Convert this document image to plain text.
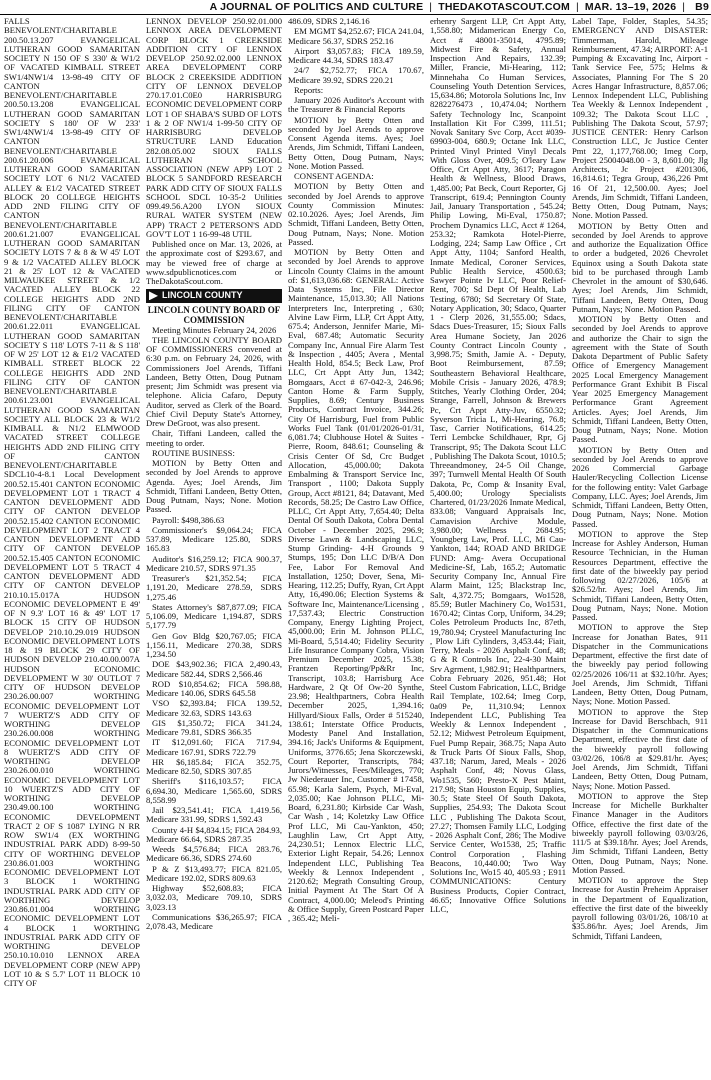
A JOURNAL OF POLITICS AND CULTURE | THEDAKOTASCOUT.COM | MAR. 13–19, 2026 | B9

FALLS BENEVOLENT/CHARITABLE 200.50.13.207 EVANGELICAL LUTHERAN GOOD SAMARITAN SOCIETY N 150 OF S 330' & W1/2 OF VACATED KIMBALL STREET SW1/4NW1/4 13-98-49 CITY OF CANTON BENEVOLENT/CHARITABLE 200.50.13.208 EVANGELICAL LUTHERAN GOOD SAMARITAN SOCIETY S 180' OF W 233' SW1/4NW1/4 13-98-49 CITY OF CANTON BENEVOLENT/CHARITABLE 200.61.20.006 EVANGELICAL LUTHERAN GOOD SAMARITAN SOCIETY LOT 6 N1/2 VACATED ALLEY & E1/2 VACATED STREET BLOCK 20 COLLEGE HEIGHTS ADD 2ND FILING CITY OF CANTON BENEVOLENT/CHARITABLE 200.61.21.007 EVANGELICAL LUTHERAN GOOD SAMARITAN SOCIETY LOTS 7 & 8 & W 45' LOT 9 & 1/2 VACATED ALLEY BLOCK 21 & 25' LOT 12 & VACATED MILWAUKEE STREET & 1/2 VACATED ALLEY BLOCK 22 COLLEGE HEIGHTS ADD 2ND FILING CITY OF CANTON BENEVOLENT/CHARITABLE 200.61.22.011 EVANGELICAL LUTHERAN GOOD SAMARITAN SOCIETY S 118' LOTS 7-11 & S 118' OF W 25' LOT 12 & E1/2 VACATED KIMBALL STREET BLOCK 22 COLLEGE HEIGHTS ADD 2ND FILING CITY OF CANTON BENEVOLENT/CHARITABLE 200.61.23.001 EVANGELICAL LUTHERAN GOOD SAMARITAN SOCIETY ALL BLOCK 23 & W1/2 KIMBALL & N1/2 ELMWOOD VACATED STREET COLLEGE HEIGHTS ADD 2ND FILING CITY OF CANTON BENEVOLENT/CHARITABLE SDCL10-4-8.1 Local Development 200.52.15.401 CANTON ECONOMIC DEVELOPMENT LOT 1 TRACT 4 CANTON DEVELOPMENT ADD CITY OF CANTON DEVELOP 200.52.15.402 CANTON ECONOMIC DEVELOPMENT LOT 2 TRACT 4 CANTON DEVELOPMENT ADD CITY OF CANTON DEVELOP 200.52.15.405 CANTON ECONOMIC DEVELOPMENT LOT 5 TRACT 4 CANTON DEVELOPMENT ADD CITY OF CANTON DEVELOP 210.10.15.017A HUDSON ECONOMIC DEVELOPMENT E 49' OF N 9.3' LOT 16 & 49' LOT 17 BLOCK 15 CITY OF HUDSON DEVELOP 210.10.29.019 HUDSON ECONOMIC DEVELOPMENT LOTS 18 & 19 BLOCK 29 CITY OF HUDSON DEVELOP 210.40.00.007A HUDSON ECONOMIC DEVELOPMENT W 30' OUTLOT 7 CITY OF HUDSON DEVELOP 230.26.00.007 WORTHING ECONOMIC DEVELOPMENT LOT 7 WUERTZ'S ADD CITY OF WORTHING DEVELOP 230.26.00.008 WORTHING ECONOMIC DEVELOPMENT LOT 8 WUERTZ'S ADD CITY OF WORTHING DEVELOP 230.26.00.010 WORTHING ECONOMIC DEVELOPMENT LOT 10 WUERTZ'S ADD CITY OF WORTHING DEVELOP 230.49.00.100 WORTHING ECONOMIC DEVELOPMENT TRACT 2 OF S 1087' LYING N RR ROW SW1/4 (EX WORTHING INDUSTRIAL PARK ADD) 8-99-50 CITY OF WORTHING DEVELOP 230.86.01.003 WORTHING ECONOMIC DEVELOPMENT LOT 3 BLOCK 1 WORTHING INDUSTRIAL PARK ADD CITY OF WORTHING DEVELOP 230.86.01.004 WORTHING ECONOMIC DEVELOPMENT LOT 4 BLOCK 1 WORTHING INDUSTRIAL PARK ADD CITY OF WORTHING DEVELOP 250.10.10.010 LENNOX AREA DEVELOPMENT CORP (NEW APP) LOT 10 & S 5.7' LOT 11 BLOCK 10 CITY OF

LENNOX DEVELOP 250.92.01.000 LENNOX AREA DEVELOPMENT CORP BLOCK 1 CREEKSIDE ADDITION CITY OF LENNOX DEVELOP 250.92.02.000 LENNOX AREA DEVELOPMENT CORP BLOCK 2 CREEKSIDE ADDITION CITY OF LENNOX DEVELOP 270.17.01.C0E0 HARRISBURG ECONOMIC DEVELOPMENT CORP LOT 1 OF SHABA'S SUBD OF LOTS 1 & 2 OF NW1/4 1-99-50 CITY OF HARRISBURG DEVELOP STRUCTURE LAND Education 282.08.05.002 SIOUX FALLS LUTHERAN SCHOOL ASSOCIATION (NEW APP) LOT 2 BLOCK 5 SANDFORD RESEARCH PARK ADD CITY OF SIOUX FALLS SCHOOL SDCL 10-35-2 Utilities 099.49.56.A200 LYON SIOUX RURAL WATER SYSTEM (NEW APP) TRACT 2 PETERSON'S ADD GOV'T LOT 1 16-99-48 UTIL

Published once on Mar. 13, 2026, at the approximate cost of $293.67, and may be viewed free of charge at www.sdpublicnotices.com or TheDakotaScout.com.

LINCOLN COUNTY
LINCOLN COUNTY BOARD OF COMMISSION

Meeting Minutes February 24, 2026

THE LINCOLN COUNTY BOARD OF COMMISSIONERS convened at 6:30 p.m. on February 24, 2026, with Commissioners Joel Arends, Tiffani Landeen, Betty Otten, Doug Putnam present; Jim Schmidt was present via telephone. Alicia Cafaro, Deputy Auditor, served as Clerk of the Board. Chief Civil Deputy State's Attorney, Drew DeGroot, was also present.

Chair, Tiffani Landeen, called the meeting to order.

ROUTINE BUSINESS:

MOTION by Betty Otten and seconded by Joel Arends to approve Agenda. Ayes; Joel Arends, Jim Schmidt, Tiffani Landeen, Betty Otten, Doug Putnam, Nays; None. Motion Passed.

Payroll: $498,386.63

Commissioner's $9,064.24; FICA 537.89, Medicare 125.80, SDRS 165.83

Auditor's $16,259.12; FICA 900.37, Medicare 210.57, SDRS 971.35

Treasurer's $21,352.54; FICA 1,191.20, Medicare 278.59, SDRS 1,275.46

States Attorney's $87,877.09; FICA 5,106.09, Medicare 1,194.87, SDRS 5,177.79

Gen Gov Bldg $20,767.05; FICA 1,156.11, Medicare 270.38, SDRS 1,234.50

DOE $43,902.36; FICA 2,490.43, Medicare 582.44, SDRS 2,566.46

ROD $10,854.62; FICA 598.88, Medicare 140.06, SDRS 645.58

VSO $2,393.84; FICA 139.52, Medicare 32.63, SDRS 143.63

GIS $1,350.72; FICA 341.24, Medicare 79.81, SDRS 366.35

IT $12,091.60; FICA 717.94, Medicare 167.91, SDRS 722.79

HR $6,185.84; FICA 352.75, Medicare 82.50, SDRS 307.85

Sheriff's $116,103.57; FICA 6,694.30, Medicare 1,565.60, SDRS 8,558.99

Jail $23,541.41; FICA 1,419.56, Medicare 331.99, SDRS 1,592.43

County 4-H $4,834.15; FICA 284.93, Medicare 66.64, SDRS 287.35

Weeds $4,576.84; FICA 283.76, Medicare 66.36, SDRS 274.60

P & Z $13,493.77; FICA 821.05, Medicare 192.02, SDRS 809.63

Highway $52,608.83; FICA 3,032.03, Medicare 709.10, SDRS 3,023.13

Communications $36,265.97; FICA 2,078.43, Medicare

486.09, SDRS 2,146.16

EM MGMT $4,252.67; FICA 241.04, Medicare 56.37, SDRS 252.16

Airport $3,057.83; FICA 189.59, Medicare 44.34, SDRS 183.47

24/7 $2,752.77; FICA 170.67, Medicare 39.92, SDRS 220.21

Reports:

January 2026 Auditor's Account with the Treasurer & Financial Reports

MOTION by Betty Otten and seconded by Joel Arends to approve Consent Agenda items. Ayes; Joel Arends, Jim Schmidt, Tiffani Landeen, Betty Otten, Doug Putnam, Nays; None. Motion Passed.

CONSENT AGENDA:

MOTION by Betty Otten and seconded by Joel Arends to approve County Commission Minutes: 02.10.2026. Ayes; Joel Arends, Jim Schmidt, Tiffani Landeen, Betty Otten, Doug Putnam, Nays; None. Motion Passed.

MOTION by Betty Otten and seconded by Joel Arends to approve Lincoln County Claims in the amount of: $1,613,036.68: GENERAL: Active Data Systems Inc, File Director Maintenance, 15,013.30; All Nations Interpreters Inc, Interpreting , 630; Alvine Law Firm, LLP, Crt Appt Atty, 675.4; Anderson, Jennifer Marie, Mi-Eval, 687.48; Automatic Security Company Inc, Annual Fire Alarm Test & Inspection , 4405; Avera , Mental Health Hold, 854.5; Beck Law, Prof LLC, Crt Appt Atty Jun, 1342; Bomgaars, Acct # 67-042-3, 246.96; Canton Home & Farm Supply, Supplies, 8.69; Century Business Products, Contract Invoice, 344.26; City Of Harrisburg, Fuel from Public Works Fuel Tank (01/01/2026-01/31, 6,081.74; Clubhouse Hotel & Suites - Pierre, Room, 848.61; Counseling & Crisis Center Of Sd, Crc Budget Allocation, 45,000.00; Dakota Embalming & Transport Service Inc, Transport , 1100; Dakota Supply Group, Acct #8121, 84; Datavant, Med Records, 58.25; De Castro Law Office, PLLC, Crt Appt Atty, 7,654.40; Delta Dental Of South Dakota, Cobra Dental October - December 2025, 296.9; Diverse Lawn & Landscaping LLC, Stump Grinding- 4-H Grounds 9 Stumps, 195; Don LLC D/B/A Don Fee, Labor For Removal And Installation, 1250; Dover, Sena, Mi-Hearing, 112.25; Duffy, Ryan, Crt Appt Atty, 16,490.06; Election Systems & Software Inc, Maintenance/Licensing , 17,537.43; Electric Construction Company, Energy Lighting Project, 45,000.00; Erin M. Johnson PLLC, Mi-Board, 5,514.40; Fidelity Security Life Insurance Company Cobra, Vision Premium December 2025, 15.38; Frantzen Reporting/Pp&Rr Inc, Transcript, 103.8; Harrisburg Ace Hardware, 2 Qt Of Ow-20 Synthe, 23.98; Healthpartners, Cobra Health December 2025, 1,394.16; Hillyard/Sioux Falls, Order # 515240, 138.61; Interstate Office Products, Modesty Panel And Installation, 394.16; Jack's Uniforms & Equipment, Uniforms, 3776.65; Jena Skorczewski, Court Reporter, Transcripts, 784; Jurors/Witnesses, Fees/Mileages, 770; Jw Niederauer Inc, Customer # 17458, 65.98; Karla Salem, Psych, Mi-Eval, 2,035.00; Kae Johnson PLLC, Mi-Board, 6,231.80; Kirbside Car Wash, Car Wash , 14; Koletzky Law Office Prof LLC, Mi Cau-Yankton, 450; Laughlin Law, Crt Appt Atty, 24,230.51; Lennox Electric LLC, Exterior Light Repair, 54.26; Lennox Independent LLC, Publishing Tea Weekly & Lennox Independent , 2120.62; Megrath Consulting Group, Initial Payment At The Start Of A Contract, 4,000.00; Meleod's Printing & Office Supply, Green Postcard Paper , 365.42; Meli-

erhenry Sargent LLP, Crt Appt Atty, 1,558.80; Midamerican Energy Co, Acct # 48001-35014, 4795.89; Midwest Fire & Safety, Annual Inspection And Repairs, 132.39; Miller, Francie, Mi-Hearing, 112; Minnehaha Co Human Services, Counseling Youth Detention Services, 15,634.86; Motorola Solutions Inc, Inv 8282276473 , 10,474.04; Northern Safety Technology Inc, Scanpoint Installation Kit For C399, 111.51; Novak Sanitary Svc Corp, Acct #039-69903-004, 680.9; Octane Ink LLC, Printed Vinyl Printed Vinyl Decals With Gloss Over, 409.5; O'leary Law Office, Crt Appt Atty, 3617; Paragon Health & Wellness, Blood Draws, 1,485.00; Pat Beck, Court Reporter, Gj Transcript, 619.4; Pennington County Jail, January Transportation , 545.24; Philip Lowing, Mi-Eval, 1750.87; Prochem Dynamics LLC, Acct # 1264, 253.32; Ramkota Hotel-Pierre, Lodging, 224; Samp Law Office , Crt Appt Atty, 1104; Sanford Health, Inmate Medical, Coroner Services, Public Health Service, 4500.63; Sawyer Pointe Iv LLC, Poor Relief-Rent, 700; Sd Dept Of Health, Lab Testing, 6780; Sd Secretary Of State, Notary Application, 30; Sdaco, Quarter 1 - Clerp 2026, 31,555.00; Sdacs, Sdacs Dues-Treasurer, 15; Sioux Falls Area Humane Society, Jan 2026 County Contract Lincoln County , 3,998.75; Smith, Jamie A. - Deputy, Boot Reimbursement, 87.59; Southeastern Behavioral Healthcare, Mobile Crisis - January 2026, 478.9; Stitches, Yearly Clothing Order, 204; Strange, Farrell, Johnson & Brewers Pc, Crt Appt Atty-Juv, 6550.32; Syverson Tricia L, Mi-Hearing, 76.8; Tasc, Carrier Notifications, 614.25; Terri Lembcke Schildhauer, Rpr, Gj Transcript, 95; The Dakota Scout LLC , Publishing The Dakota Scout, 1010.5; Threeandmoney, 24-5 Oil Change, 397; Turnwell Mental Health Of South Dakota, Pc, Comp & Insanity Eval, 5,400.00; Urology Specialists Chartered, 01/23/2026 Inmate Medical, 833.08; Vanguard Appraisals Inc, Camavision Archive Module, 3,980.00; Wellness , 2684.95; Youngberg Law, Prof. LLC, Mi Cau-Yankton, 144; ROAD AND BRIDGE FUND: Amg- Avera Occupational Medicine-Sf, Lab, 165.2; Automatic Security Company Inc, Annual Fire Alarm Maint, 125; Blackstrap Inc, Salt, 4,372.75; Bomgaars, Wo1528, 85.59; Butler Machinery Co, Wo1531, 1670.42; Cintas Corp, Uniform, 34.29; Coles Petroleum Products Inc, 87eth, 19,780.94; Crysteel Manufacturing Inc , Plow Lift Cylinders, 3,453.44; Fiait, Terry, Meals - 2026 Asphalt Conf, 48; G & R Controls Inc, 22-4-30 Maint Srv Agrment, 1,982.91; Healthpartners, Cobra February 2026, 951.48; Hot Steel Custom Fabrication, LLC, Bridge Rail Template, 102.64; Imeg Corp, 0a09 Pe, 11,310.94; Lennox Independent LLC, Publishing Tea Weekly & Lennox Independent , 52.12; Midwest Petroleum Equipment, Fuel Pump Repair, 368.75; Napa Auto & Truck Parts Of Sioux Falls, Shop, 437.18; Narum, Jared, Meals - 2026 Asphalt Conf, 48; Novus Glass, Wo1535, 560; Presto-X Pest Maint, 217.98; Stan Houston Equip, Supplies, 30.5; State Steel Of South Dakota, Supplies, 254.93; The Dakota Scout LLC , Publishing The Dakota Scout, 27.27; Thomsen Family LLC, Lodging - 2026 Asphalt Conf, 286; The Modive Service Center, Wo1538, 25; Traffic Control Corporation , Flashing Beacons, 10,440.00; Two Way Solutions Inc, Wo15 40, 405.93 ; E911 COMMUNICATIONS: Century Business Products, Copier Contract, 46.65; Innovative Office Solutions LLC,

Label Tape, Folder, Staples, 54.35; EMERGENCY AND DISASTER: Timmerman, Harold, Mileage Reimbursement, 47.34; AIRPORT: A-1 Pumping & Excavating Inc, Airport - Tank Service Fee, 575; Helms & Associates, Planning For The S 20 Acres Hangar Infrastructure, 8,857.06; Lennox Independent LLC, Publishing Tea Weekly & Lennox Independent , 109.32; The Dakota Scout LLC , Publishing The Dakota Scout, 57.97; JUSTICE CENTER: Henry Carlson Construction LLC, Jc Justice Center Pmt 22, 1,177,768.00; Imeg Corp, Project 25004048.00 - 3, 8,601.00; Jlg Architects, Jc Project #201306, 16,814.61; Tegra Group, 436,226 Pmt 16 Of 21, 12,500.00. Ayes; Joel Arends, Jim Schmidt, Tiffani Landeen, Betty Otten, Doug Putnam, Nays; None. Motion Passed.

MOTION by Betty Otten and seconded by Joel Arends to approve and authorize the Equalization Office to order a budgeted, 2026 Chevrolet Equinox using a South Dakota state bid to be purchased through Lamb Chevrolet in the amount of $30,646. Ayes; Joel Arends, Jim Schmidt, Tiffani Landeen, Betty Otten, Doug Putnam, Nays; None. Motion Passed.

MOTION by Betty Otten and seconded by Joel Arends to approve and authorize the Chair to sign the agreement with the State of South Dakota Department of Public Safety Office of Emergency Management 2025 Local Emergency Management Performance Grant Exhibit B Fiscal Year 2025 Emergency Management Performance Grant Agreement Articles. Ayes; Joel Arends, Jim Schmidt, Tiffani Landeen, Betty Otten, Doug Putnam, Nays; None. Motion Passed.

MOTION by Betty Otten and seconded by Joel Arends to approve 2026 Commercial Garbage Hauler/Recycling Collection License for the following entity: Valet Garbage Company, LLC. Ayes; Joel Arends, Jim Schmidt, Tiffani Landeen, Betty Otten, Doug Putnam, Nays; None. Motion Passed.

MOTION to approve the Step Increase for Ashley Anderson, Human Resource Technician, in the Human Resources Department, effective the first date of the biweekly pay period following 02/27/2026, 105/6 at $26.52/hr. Ayes; Joel Arends, Jim Schmidt, Tiffani Landeen, Betty Otten, Doug Putnam, Nays; None. Motion Passed.

MOTION to approve the Step Increase for Jonathan Bates, 911 Dispatcher in the Communications Department, effective the first date of the biweekly pay period following 02/25/2026 106/11 at $32.10/hr. Ayes; Joel Arends, Jim Schmidt, Tiffani Landeen, Betty Otten, Doug Putnam, Nays; None. Motion Passed.

MOTION to approve the Step Increase for David Berschbach, 911 Dispatcher in the Communications Department, effective the first date of the biweekly payroll following 03/02/26, 106/8 at $29.81/hr. Ayes; Joel Arends, Jim Schmidt, Tiffani Landeen, Betty Otten, Doug Putnam, Nays; None. Motion Passed.

MOTION to approve the Step Increase for Michelle Burkhalter Finance Manager in the Auditors Office, effective the first date of the biweekly payroll following 03/03/26, 111/5 at $39.18/hr. Ayes; Joel Arends, Jim Schmidt, Tiffani Landeen, Betty Otten, Doug Putnam, Nays; None. Motion Passed.

MOTION to approve the Step Increase for Austin Preheim Appraiser in the Department of Equalization, effective the first date of the biweekly payroll following 03/01/26, 108/10 at $35.86/hr. Ayes; Joel Arends, Jim Schmidt, Tiffani Landeen,
